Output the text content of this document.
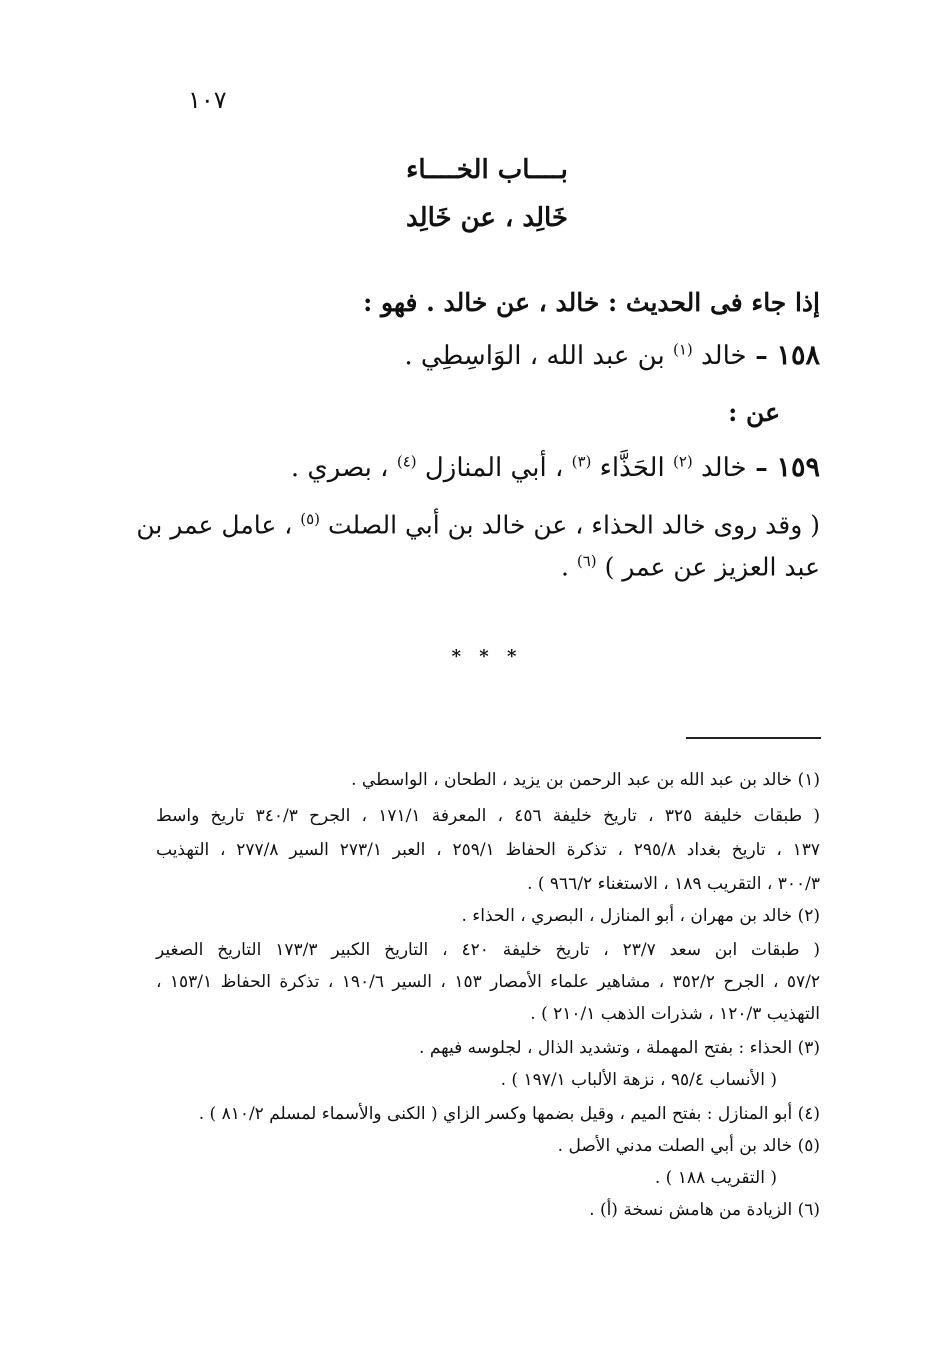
١٠٧
بــــاب الخــــاء
خَالِد ، عن خَالِد
إذا جاء فى الحديث : خالد ، عن خالد . فهو :
١٥٨ – خالد $^{(١)}$ بن عبد الله ، الوَاسِطِي .
عن :
١٥٩ – خالد $^{(٢)}$ الحَذَّاء $^{(٣)}$ ، أبي المنازل $^{(٤)}$ ، بصري .
( وقد روى خالد الحذاء ، عن خالد بن أبي الصلت $^{(٥)}$ ، عامل عمر بن
عبد العزيز عن عمر ) $^{(٦)}$ .
* * *
(١) خالد بن عبد الله بن عبد الرحمن بن يزيد ، الطحان ، الواسطي .
( طبقات خليفة ٣٢٥ ، تاريخ خليفة ٤٥٦ ، المعرفة ١٧١/١ ، الجرح ٣٤٠/٣ تاريخ واسط
١٣٧ ، تاريخ بغداد ٢٩٥/٨ ، تذكرة الحفاظ ٢٥٩/١ ، العبر ٢٧٣/١ السير ٢٧٧/٨ ، التهذيب
٣٠٠/٣ ، التقريب ١٨٩ ، الاستغناء ٩٦٦/٢ ) .
(٢) خالد بن مهران ، أبو المنازل ، البصري ، الحذاء .
( طبقات ابن سعد ٢٣/٧ ، تاريخ خليفة ٤٢٠ ، التاريخ الكبير ١٧٣/٣ التاريخ الصغير
٥٧/٢ ، الجرح ٣٥٢/٢ ، مشاهير علماء الأمصار ١٥٣ ، السير ١٩٠/٦ ، تذكرة الحفاظ ١٥٣/١ ،
التهذيب ١٢٠/٣ ، شذرات الذهب ٢١٠/١ ) .
(٣) الحذاء : بفتح المهملة ، وتشديد الذال ، لجلوسه فيهم .
( الأنساب ٩٥/٤ ، نزهة الألباب ١٩٧/١ ) .
(٤) أبو المنازل : بفتح الميم ، وقيل بضمها وكسر الزاي ( الكنى والأسماء لمسلم ٨١٠/٢ ) .
(٥) خالد بن أبي الصلت مدني الأصل .
( التقريب ١٨٨ ) .
(٦) الزيادة من هامش نسخة (أ) .
